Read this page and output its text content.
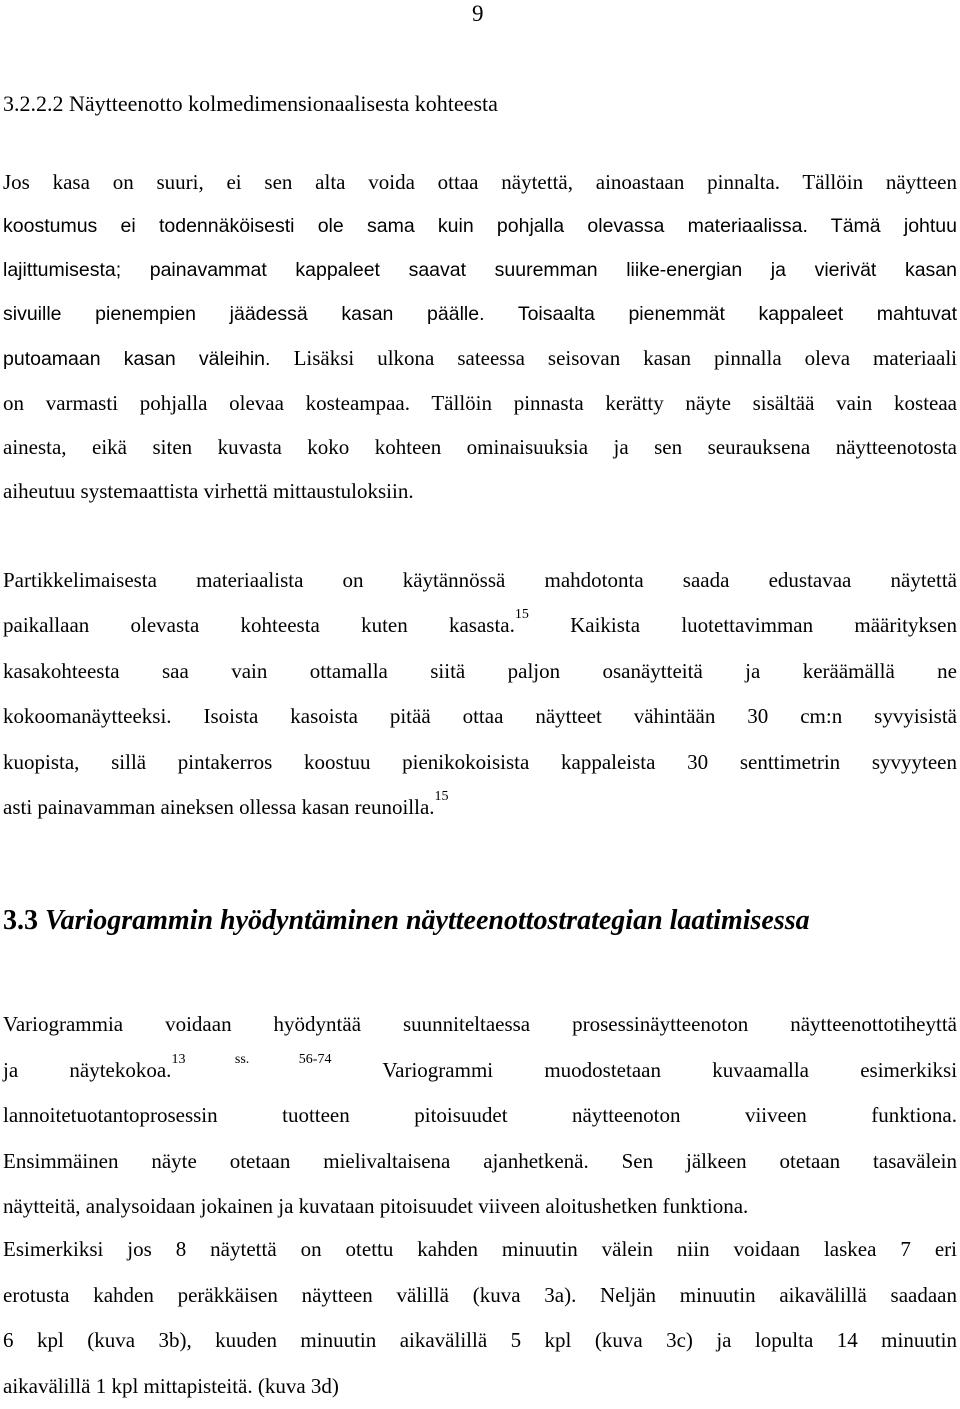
9
3.2.2.2 Näytteenotto kolmedimensionaalisesta kohteesta
Jos kasa on suuri, ei sen alta voida ottaa näytettä, ainoastaan pinnalta. Tällöin näytteen
koostumus ei todennäköisesti ole sama kuin pohjalla olevassa materiaalissa. Tämä johtuu
lajittumisesta; painavammat kappaleet saavat suuremman liike-energian ja vierivät kasan
sivuille pienempien jäädessä kasan päälle. Toisaalta pienemmät kappaleet mahtuvat
putoamaan kasan väleihin. Lisäksi ulkona sateessa seisovan kasan pinnalla oleva materiaali
on varmasti pohjalla olevaa kosteampaa. Tällöin pinnasta kerätty näyte sisältää vain kosteaa
ainesta, eikä siten kuvasta koko kohteen ominaisuuksia ja sen seurauksena näytteenotosta
aiheutuu systemaattista virhettä mittaustuloksiin.
Partikkelimaisesta materiaalista on käytännössä mahdotonta saada edustavaa näytettä
paikallaan olevasta kohteesta kuten kasasta.$^{15}$ Kaikista luotettavimman määrityksen
kasakohteesta saa vain ottamalla siitä paljon osanäytteitä ja keräämällä ne
kokoomanäytteeksi. Isoista kasoista pitää ottaa näytteet vähintään 30 cm:n syvyisistä
kuopista, sillä pintakerros koostuu pienikokoisista kappaleista 30 senttimetrin syvyyteen
asti painavamman aineksen ollessa kasan reunoilla.$^{15}$
3.3 Variogrammin hyödyntäminen näytteenottostrategian laatimisessa
Variogrammia voidaan hyödyntää suunniteltaessa prosessinäytteenoton näytteenottotiheyttä
ja näytekokoa.$^{13 ss. 56-74}$ Variogrammi muodostetaan kuvaamalla esimerkiksi
lannoitetuotantoprosessin tuotteen pitoisuudet näytteenoton viiveen funktiona.
Ensimmäinen näyte otetaan mielivaltaisena ajanhetkenä. Sen jälkeen otetaan tasavälein
näytteitä, analysoidaan jokainen ja kuvataan pitoisuudet viiveen aloitushetken funktiona.
Esimerkiksi jos 8 näytettä on otettu kahden minuutin välein niin voidaan laskea 7 eri
erotusta kahden peräkkäisen näytteen välillä (kuva 3a). Neljän minuutin aikavälillä saadaan
6 kpl (kuva 3b), kuuden minuutin aikavälillä 5 kpl (kuva 3c) ja lopulta 14 minuutin
aikavälillä 1 kpl mittapisteitä. (kuva 3d)
